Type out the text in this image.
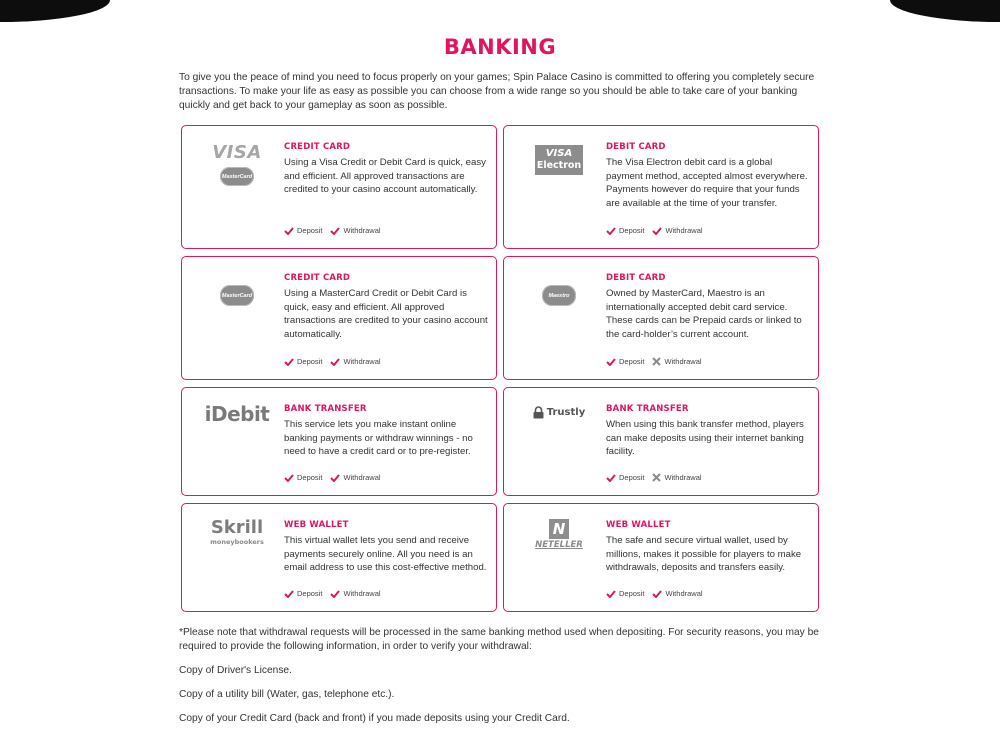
BANKING

To give you the peace of mind you need to focus properly on your games; Spin Palace Casino is committed to offering you completely secure transactions. To make your life as easy as possible you can choose from a wide range so you should be able to take care of your banking quickly and get back to your gameplay as soon as possible.

VISA
MasterCard
CREDIT CARD
Using a Visa Credit or Debit Card is quick, easy and efficient. All approved transactions are credited to your casino account automatically.
Deposit	Withdrawal
VISA
Electron
DEBIT CARD
The Visa Electron debit card is a global payment method, accepted almost everywhere. Payments however do require that your funds are available at the time of your transfer.
Deposit	Withdrawal
MasterCard
CREDIT CARD
Using a MasterCard Credit or Debit Card is quick, easy and efficient. All approved transactions are credited to your casino account automatically.
Deposit	Withdrawal
Maestro
DEBIT CARD
Owned by MasterCard, Maestro is an internationally accepted debit card service. These cards can be Prepaid cards or linked to the card-holder’s current account.
Deposit	Withdrawal
iDebit BANK TRANSFER
This service lets you make instant online banking payments or withdraw winnings - no need to have a credit card or to pre-register.
Deposit	Withdrawal
Trustly BANK TRANSFER
When using this bank transfer method, players can make deposits using their internet banking facility.
Deposit	Withdrawal
Skrill
moneybookers
WEB WALLET
This virtual wallet lets you send and receive payments securely online. All you need is an email address to use this cost-effective method.
Deposit	Withdrawal
N
NETELLER
WEB WALLET
The safe and secure virtual wallet, used by millions, makes it possible for players to make withdrawals, deposits and transfers easily.
Deposit	Withdrawal

*Please note that withdrawal requests will be processed in the same banking method used when depositing. For security reasons, you may be required to provide the following information, in order to verify your withdrawal:

Copy of Driver's License.

Copy of a utility bill (Water, gas, telephone etc.).

Copy of your Credit Card (back and front) if you made deposits using your Credit Card.
